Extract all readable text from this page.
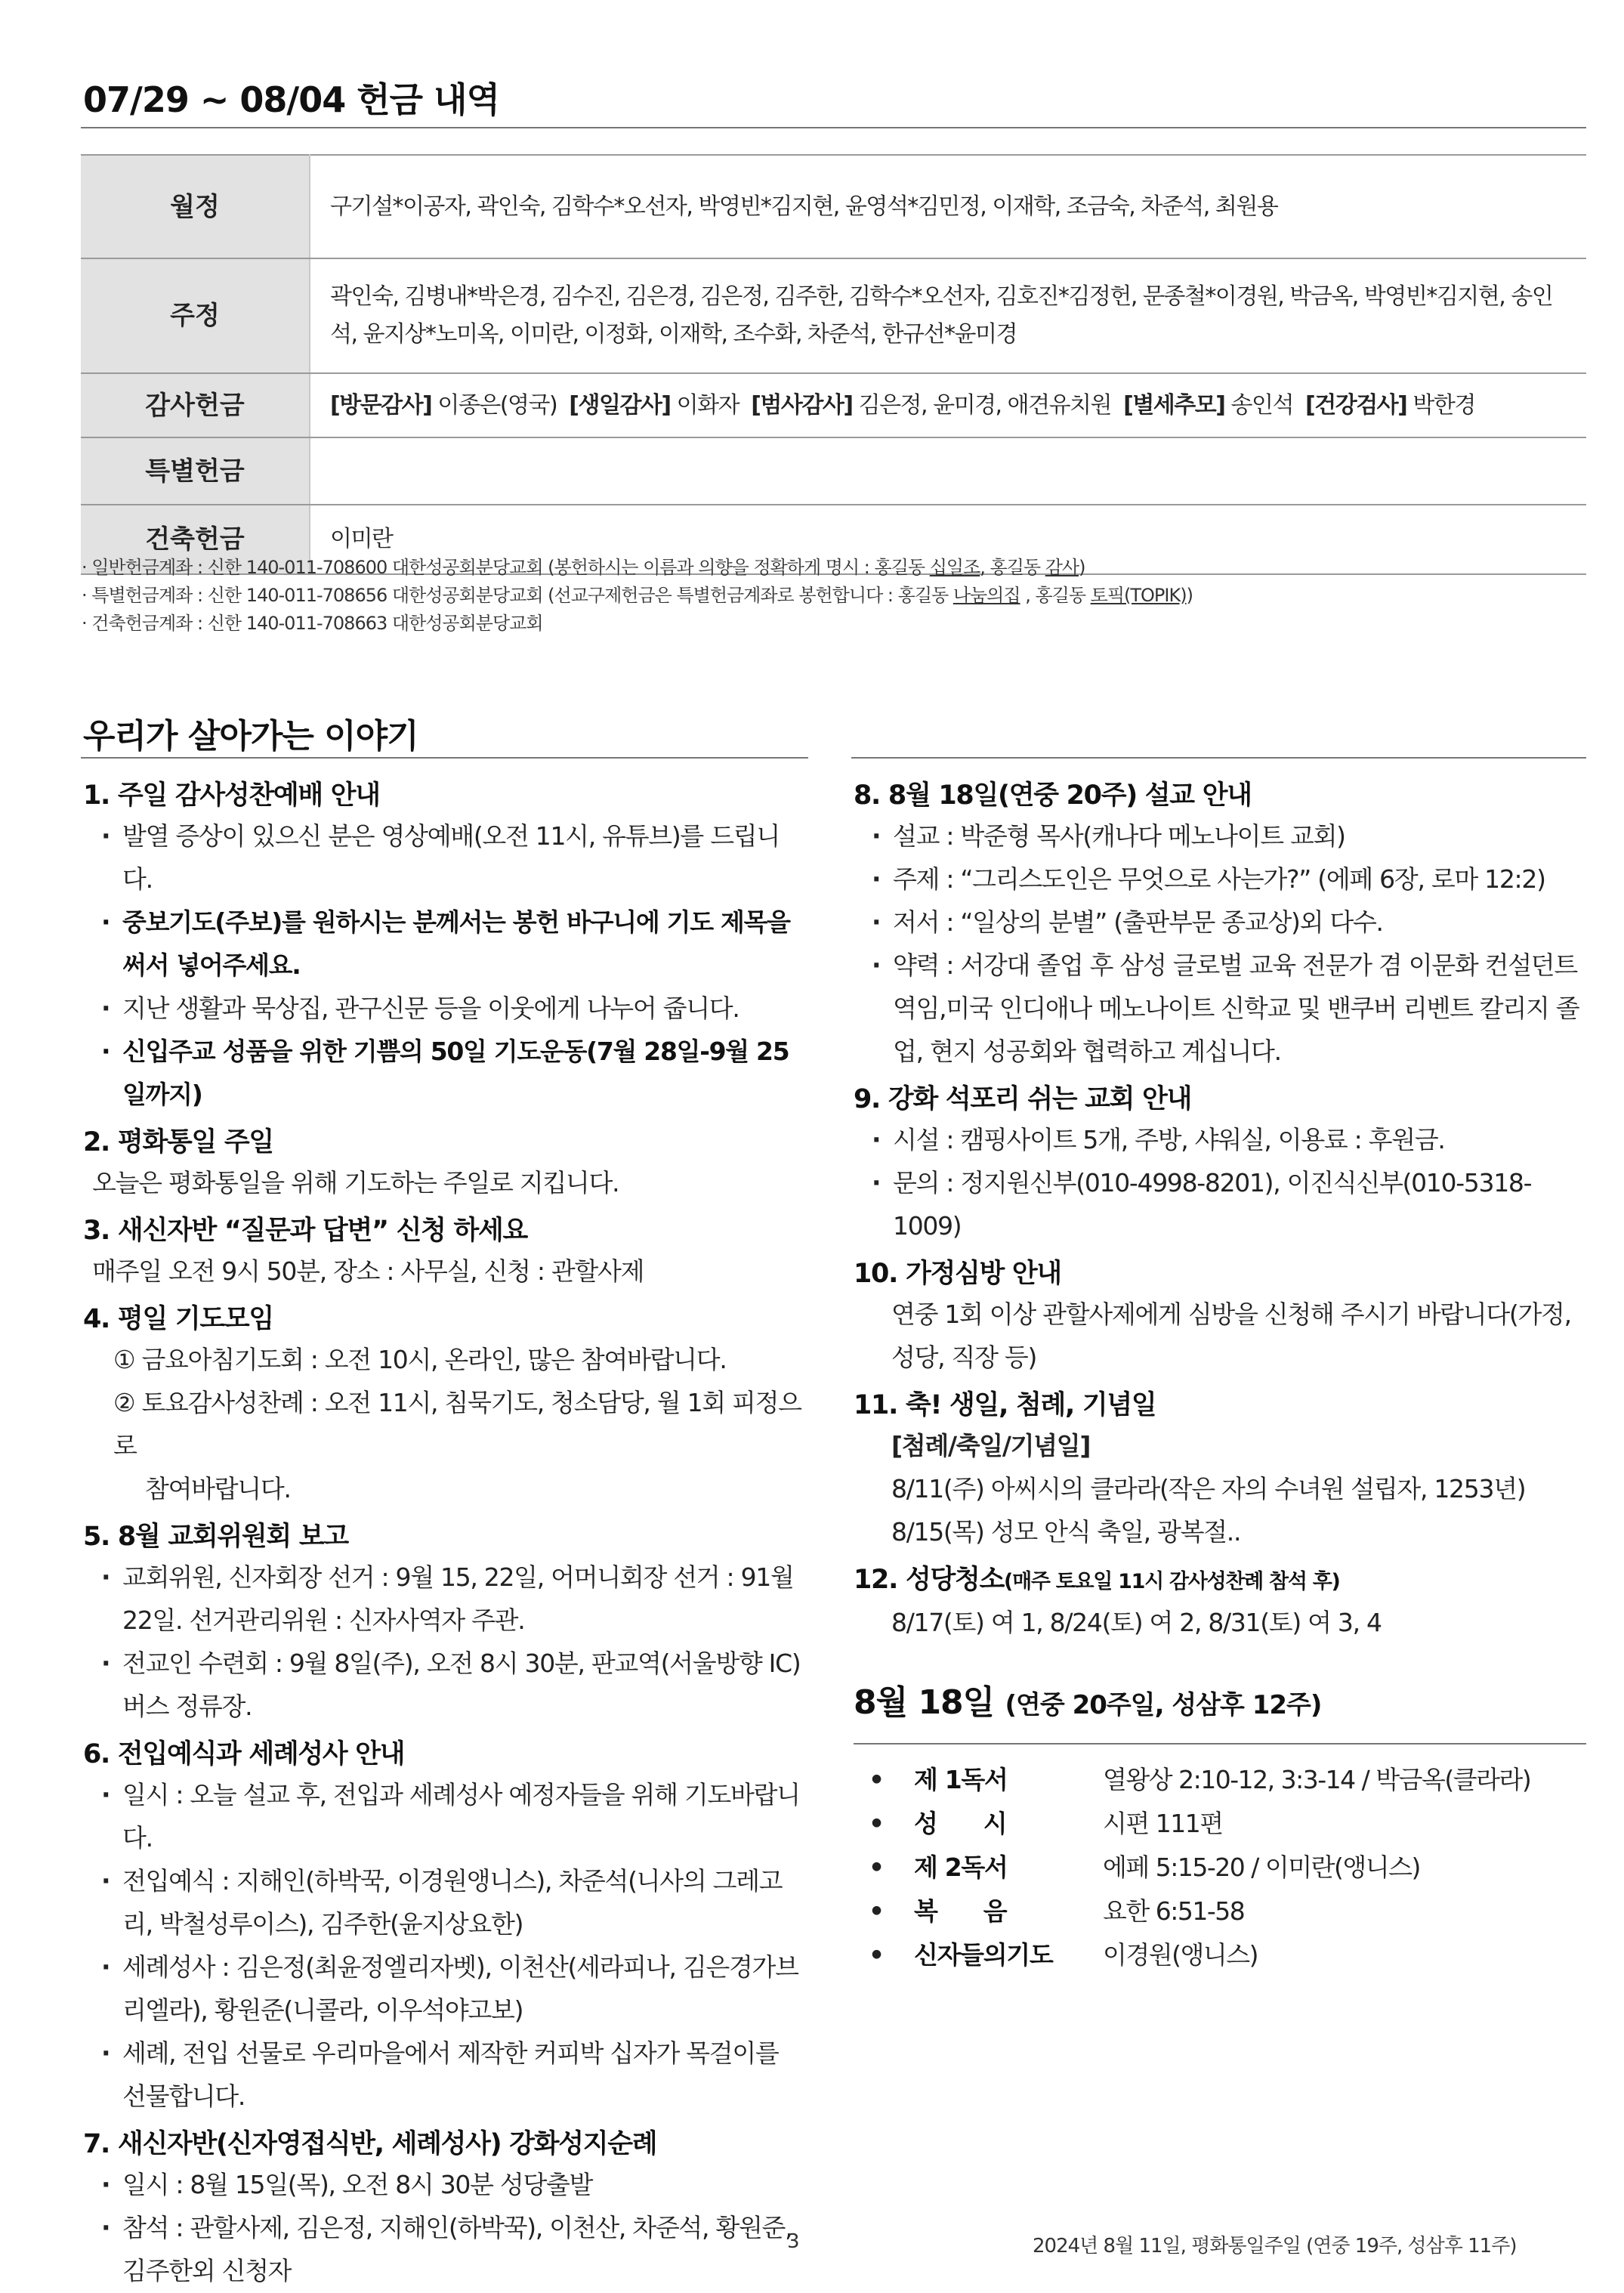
07/29 ~ 08/04 헌금 내역
월정	구기설*이공자, 곽인숙, 김학수*오선자, 박영빈*김지현, 윤영석*김민정, 이재학, 조금숙, 차준석, 최원용
주정	곽인숙, 김병내*박은경, 김수진, 김은경, 김은정, 김주한, 김학수*오선자, 김호진*김정헌, 문종철*이경원, 박금옥, 박영빈*김지현, 송인석, 윤지상*노미옥, 이미란, 이정화, 이재학, 조수화, 차준석, 한규선*윤미경
감사헌금	[방문감사] 이종은(영국) [생일감사] 이화자 [범사감사] 김은정, 윤미경, 애견유치원 [별세추모] 송인석 [건강검사] 박한경
특별헌금	
건축헌금	이미란
· 일반헌금계좌 : 신한 140-011-708600 대한성공회분당교회 (봉헌하시는 이름과 의향을 정확하게 명시 : 홍길동 십일조, 홍길동 감사)
· 특별헌금계좌 : 신한 140-011-708656 대한성공회분당교회 (선교구제헌금은 특별헌금계좌로 봉헌합니다 : 홍길동 나눔의집 , 홍길동 토픽(TOPIK))
· 건축헌금계좌 : 신한 140-011-708663 대한성공회분당교회
우리가 살아가는 이야기
1. 주일 감사성찬예배 안내
· 발열 증상이 있으신 분은 영상예배(오전 11시, 유튜브)를 드립니다.
· 중보기도(주보)를 원하시는 분께서는 봉헌 바구니에 기도 제목을 써서 넣어주세요.
· 지난 생활과 묵상집, 관구신문 등을 이웃에게 나누어 줍니다.
· 신입주교 성품을 위한 기쁨의 50일 기도운동(7월 28일-9월 25일까지)
2. 평화통일 주일
오늘은 평화통일을 위해 기도하는 주일로 지킵니다.
3. 새신자반 “질문과 답변” 신청 하세요
매주일 오전 9시 50분, 장소 : 사무실, 신청 : 관할사제
4. 평일 기도모임
① 금요아침기도회 : 오전 10시, 온라인, 많은 참여바랍니다.
② 토요감사성찬례 : 오전 11시, 침묵기도, 청소담당, 월 1회 피정으로
참여바랍니다.
5. 8월 교회위원회 보고
· 교회위원, 신자회장 선거 : 9월 15, 22일, 어머니회장 선거 : 91월 22일. 선거관리위원 : 신자사역자 주관.
· 전교인 수련회 : 9월 8일(주), 오전 8시 30분, 판교역(서울방향 IC) 버스 정류장.
6. 전입예식과 세례성사 안내
· 일시 : 오늘 설교 후, 전입과 세례성사 예정자들을 위해 기도바랍니다.
· 전입예식 : 지해인(하박꾹, 이경원앵니스), 차준석(니사의 그레고리, 박철성루이스), 김주한(윤지상요한)
· 세례성사 : 김은정(최윤정엘리자벳), 이천산(세라피나, 김은경가브리엘라), 황원준(니콜라, 이우석야고보)
· 세례, 전입 선물로 우리마을에서 제작한 커피박 십자가 목걸이를 선물합니다.
7. 새신자반(신자영접식반, 세례성사) 강화성지순례
· 일시 : 8월 15일(목), 오전 8시 30분 성당출발
· 참석 : 관할사제, 김은정, 지해인(하박꾹), 이천산, 차준석, 황원준, 김주한외 신청자
8. 8월 18일(연중 20주) 설교 안내
· 설교 : 박준형 목사(캐나다 메노나이트 교회)
· 주제 : “그리스도인은 무엇으로 사는가?” (에페 6장, 로마 12:2)
· 저서 : “일상의 분별” (출판부문 종교상)외 다수.
· 약력 : 서강대 졸업 후 삼성 글로벌 교육 전문가 겸 이문화 컨설던트 역임,미국 인디애나 메노나이트 신학교 및 밴쿠버 리벤트 칼리지 졸업, 현지 성공회와 협력하고 계십니다.
9. 강화 석포리 쉬는 교회 안내
· 시설 : 캠핑사이트 5개, 주방, 샤워실, 이용료 : 후원금.
· 문의 : 정지원신부(010-4998-8201), 이진식신부(010-5318-1009)
10. 가정심방 안내
연중 1회 이상 관할사제에게 심방을 신청해 주시기 바랍니다(가정, 성당, 직장 등)
11. 축! 생일, 첨례, 기념일
[첨례/축일/기념일]
8/11(주) 아씨시의 클라라(작은 자의 수녀원 설립자, 1253년)
8/15(목) 성모 안식 축일, 광복절..
12. 성당청소(매주 토요일 11시 감사성찬례 참석 후)
8/17(토) 여 1, 8/24(토) 여 2, 8/31(토) 여 3, 4
8월 18일 (연중 20주일, 성삼후 12주)
•	제 1독서	열왕상 2:10-12, 3:3-14 / 박금옥(클라라)
•	성      시	시편 111편
•	제 2독서	에페 5:15-20 / 이미란(앵니스)
•	복      음	요한 6:51-58
•	신자들의기도	이경원(앵니스)
3	2024년 8월 11일, 평화통일주일 (연중 19주, 성삼후 11주)
